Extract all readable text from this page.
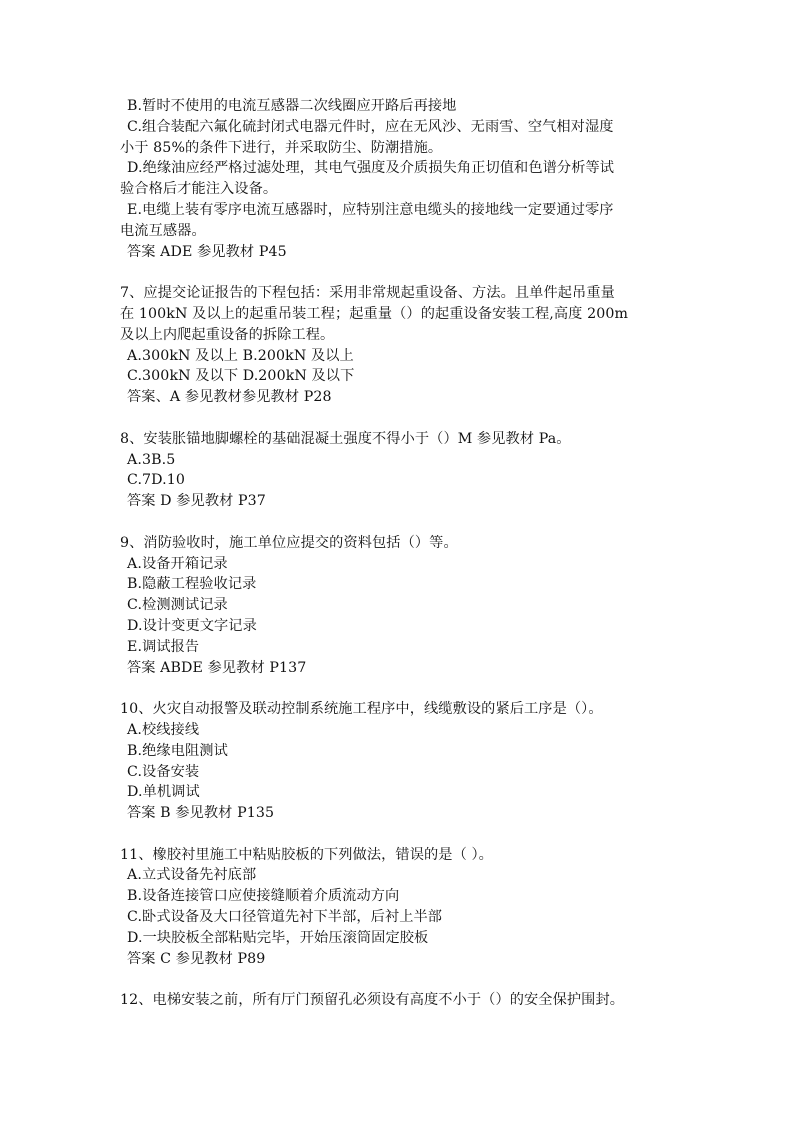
B.暂时不使用的电流互感器二次线圈应开路后再接地
C.组合装配六氟化硫封闭式电器元件时，应在无风沙、无雨雪、空气相对湿度
小于 85%的条件下进行，并采取防尘、防潮措施。
D.绝缘油应经严格过滤处理，其电气强度及介质损失角正切值和色谱分析等试
验合格后才能注入设备。
E.电缆上装有零序电流互感器时，应特别注意电缆头的接地线一定要通过零序
电流互感器。
答案 ADE 参见教材 P45
7、应提交论证报告的下程包括：采用非常规起重设备、方法。且单件起吊重量
在 100kN 及以上的起重吊装工程；起重量（）的起重设备安装工程,高度 200m
及以上内爬起重设备的拆除工程。
A.300kN 及以上 B.200kN 及以上
C.300kN 及以下 D.200kN 及以下
答案、A 参见教材参见教材 P28
8、安装胀锚地脚螺栓的基础混凝土强度不得小于（）M 参见教材 Pa。
A.3B.5
C.7D.10
答案 D 参见教材 P37
9、消防验收时，施工单位应提交的资料包括（）等。
A.设备开箱记录
B.隐蔽工程验收记录
C.检测测试记录
D.设计变更文字记录
E.调试报告
答案 ABDE 参见教材 P137
10、火灾自动报警及联动控制系统施工程序中，线缆敷设的紧后工序是（）。
A.校线接线
B.绝缘电阻测试
C.设备安装
D.单机调试
答案 B 参见教材 P135
11、橡胶衬里施工中粘贴胶板的下列做法，错误的是（ ）。
A.立式设备先衬底部
B.设备连接管口应使接缝顺着介质流动方向
C.卧式设备及大口径管道先衬下半部，后衬上半部
D.一块胶板全部粘贴完毕，开始压滚筒固定胶板
答案 C 参见教材 P89
12、电梯安装之前，所有厅门预留孔必须设有高度不小于（）的安全保护围封。
